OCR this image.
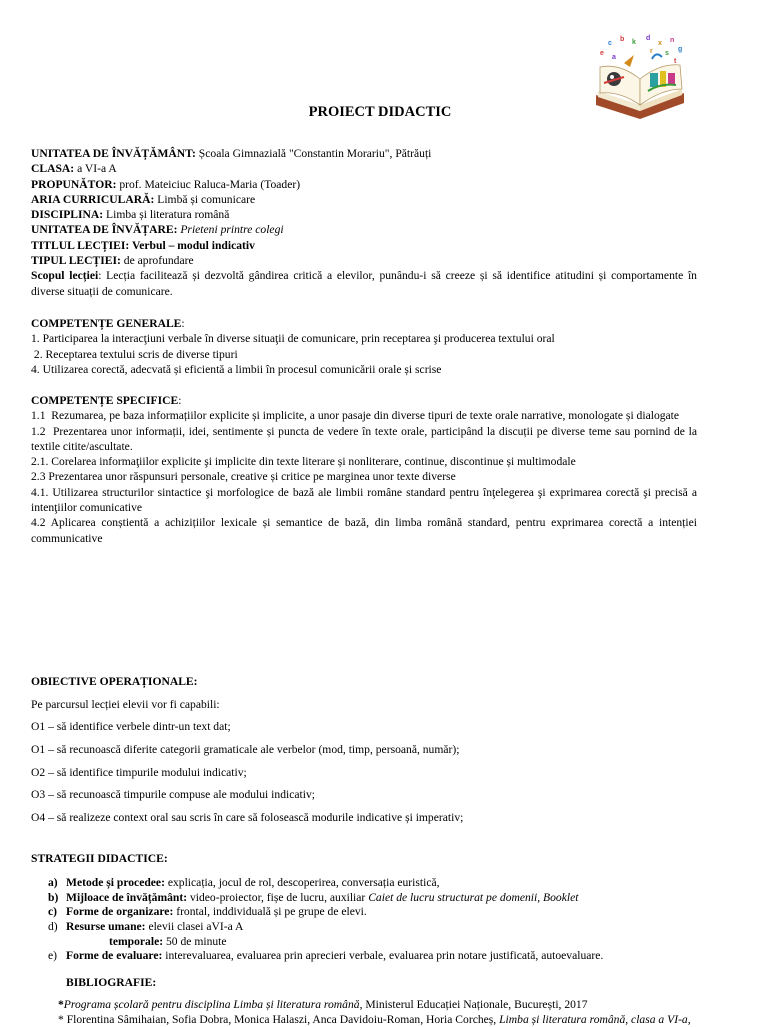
c
b k
d
x n
g
e	s
r
a
t
PROIECT DIDACTIC
UNITATEA DE ÎNVĂȚĂMÂNT: Școala Gimnazială "Constantin Morariu", Pătrăuți
CLASA: a VI-a A
PROPUNĂTOR: prof. Mateiciuc Raluca-Maria (Toader)
ARIA CURRICULARĂ: Limbă și comunicare
DISCIPLINA: Limba și literatura română
UNITATEA DE ÎNVĂȚARE: Prieteni printre colegi
TITLUL LECȚIEI: Verbul – modul indicativ
TIPUL LECȚIEI: de aprofundare
Scopul lecției: Lecția facilitează și dezvoltă gândirea critică a elevilor, punându-i să creeze și să identifice atitudini și comportamente în diverse situații de comunicare.
COMPETENȚE GENERALE:
1. Participarea la interacţiuni verbale în diverse situaţii de comunicare, prin receptarea şi producerea textului oral
2. Receptarea textului scris de diverse tipuri
4. Utilizarea corectă, adecvată și eficientă a limbii în procesul comunicării orale și scrise
COMPETENȚE SPECIFICE:
1.1  Rezumarea, pe baza informațiilor explicite și implicite, a unor pasaje din diverse tipuri de texte orale narrative, monologate și dialogate
1.2  Prezentarea unor informații, idei, sentimente și puncta de vedere în texte orale, participând la discuții pe diverse teme sau pornind de la textile citite/ascultate.
2.1. Corelarea informaţiilor explicite şi implicite din texte literare și nonliterare, continue, discontinue și multimodale
2.3 Prezentarea unor răspunsuri personale, creative și critice pe marginea unor texte diverse
4.1. Utilizarea structurilor sintactice şi morfologice de bază ale limbii române standard pentru înţelegerea şi exprimarea corectă şi precisă a intenţiilor comunicative
4.2 Aplicarea conștientă a achizițiilor lexicale și semantice de bază, din limba română standard, pentru exprimarea corectă a intenției communicative
OBIECTIVE OPERAȚIONALE:
Pe parcursul lecției elevii vor fi capabili:
O1 – să identifice verbele dintr-un text dat;
O1 – să recunoască diferite categorii gramaticale ale verbelor (mod, timp, persoană, număr);
O2 – să identifice timpurile modului indicativ;
O3 – să recunoască timpurile compuse ale modului indicativ;
O4 – să realizeze context oral sau scris în care să folosească modurile indicative și imperativ;
STRATEGII DIDACTICE:
a) Metode și procedee: explicația, jocul de rol, descoperirea, conversația euristică,
b) Mijloace de învățământ: video-proiector, fișe de lucru, auxiliar Caiet de lucru structurat pe domenii, Booklet
c) Forme de organizare: frontal, inddividuală și pe grupe de elevi.
d) Resurse umane: elevii clasei aVI-a A
temporale: 50 de minute
e) Forme de evaluare: interevaluarea, evaluarea prin aprecieri verbale, evaluarea prin notare justificată, autoevaluare.
BIBLIOGRAFIE:
*Programa școlară pentru disciplina Limba și literatura română, Ministerul Educației Naționale, București, 2017
* Florentina Sâmihaian, Sofia Dobra, Monica Halaszi, Anca Davidoiu-Roman, Horia Corcheș, Limba și literatura română, clasa a VI-a,
